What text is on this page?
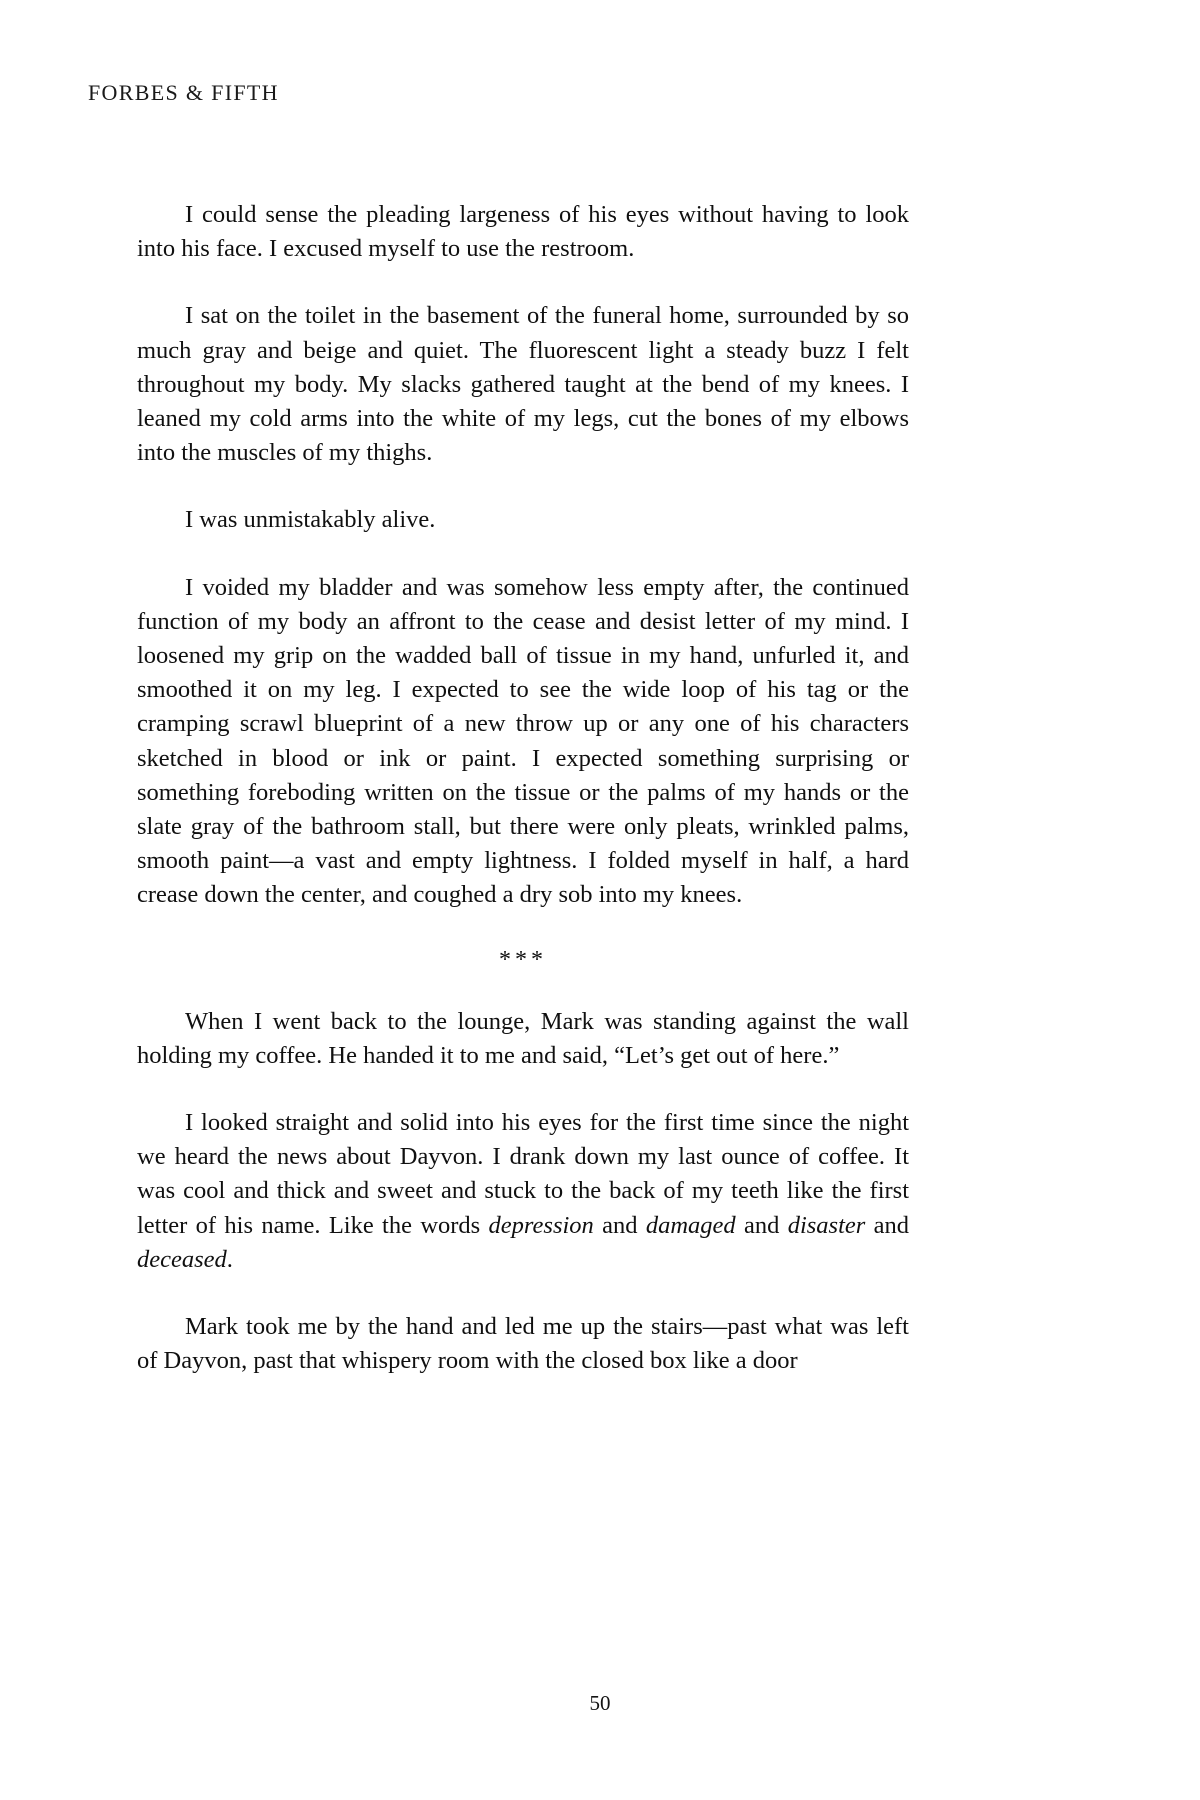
FORBES & FIFTH

I could sense the pleading largeness of his eyes without having to look into his face. I excused myself to use the restroom.

I sat on the toilet in the basement of the funeral home, surrounded by so much gray and beige and quiet. The fluorescent light a steady buzz I felt throughout my body. My slacks gathered taught at the bend of my knees. I leaned my cold arms into the white of my legs, cut the bones of my elbows into the muscles of my thighs.

I was unmistakably alive.

I voided my bladder and was somehow less empty after, the continued function of my body an affront to the cease and desist letter of my mind. I loosened my grip on the wadded ball of tissue in my hand, unfurled it, and smoothed it on my leg. I expected to see the wide loop of his tag or the cramping scrawl blueprint of a new throw up or any one of his characters sketched in blood or ink or paint. I expected something surprising or something foreboding written on the tissue or the palms of my hands or the slate gray of the bathroom stall, but there were only pleats, wrinkled palms, smooth paint—a vast and empty lightness. I folded myself in half, a hard crease down the center, and coughed a dry sob into my knees.

***

When I went back to the lounge, Mark was standing against the wall holding my coffee. He handed it to me and said, “Let’s get out of here.”

I looked straight and solid into his eyes for the first time since the night we heard the news about Dayvon. I drank down my last ounce of coffee. It was cool and thick and sweet and stuck to the back of my teeth like the first letter of his name. Like the words depression and damaged and disaster and deceased.

Mark took me by the hand and led me up the stairs—past what was left of Dayvon, past that whispery room with the closed box like a door

50
